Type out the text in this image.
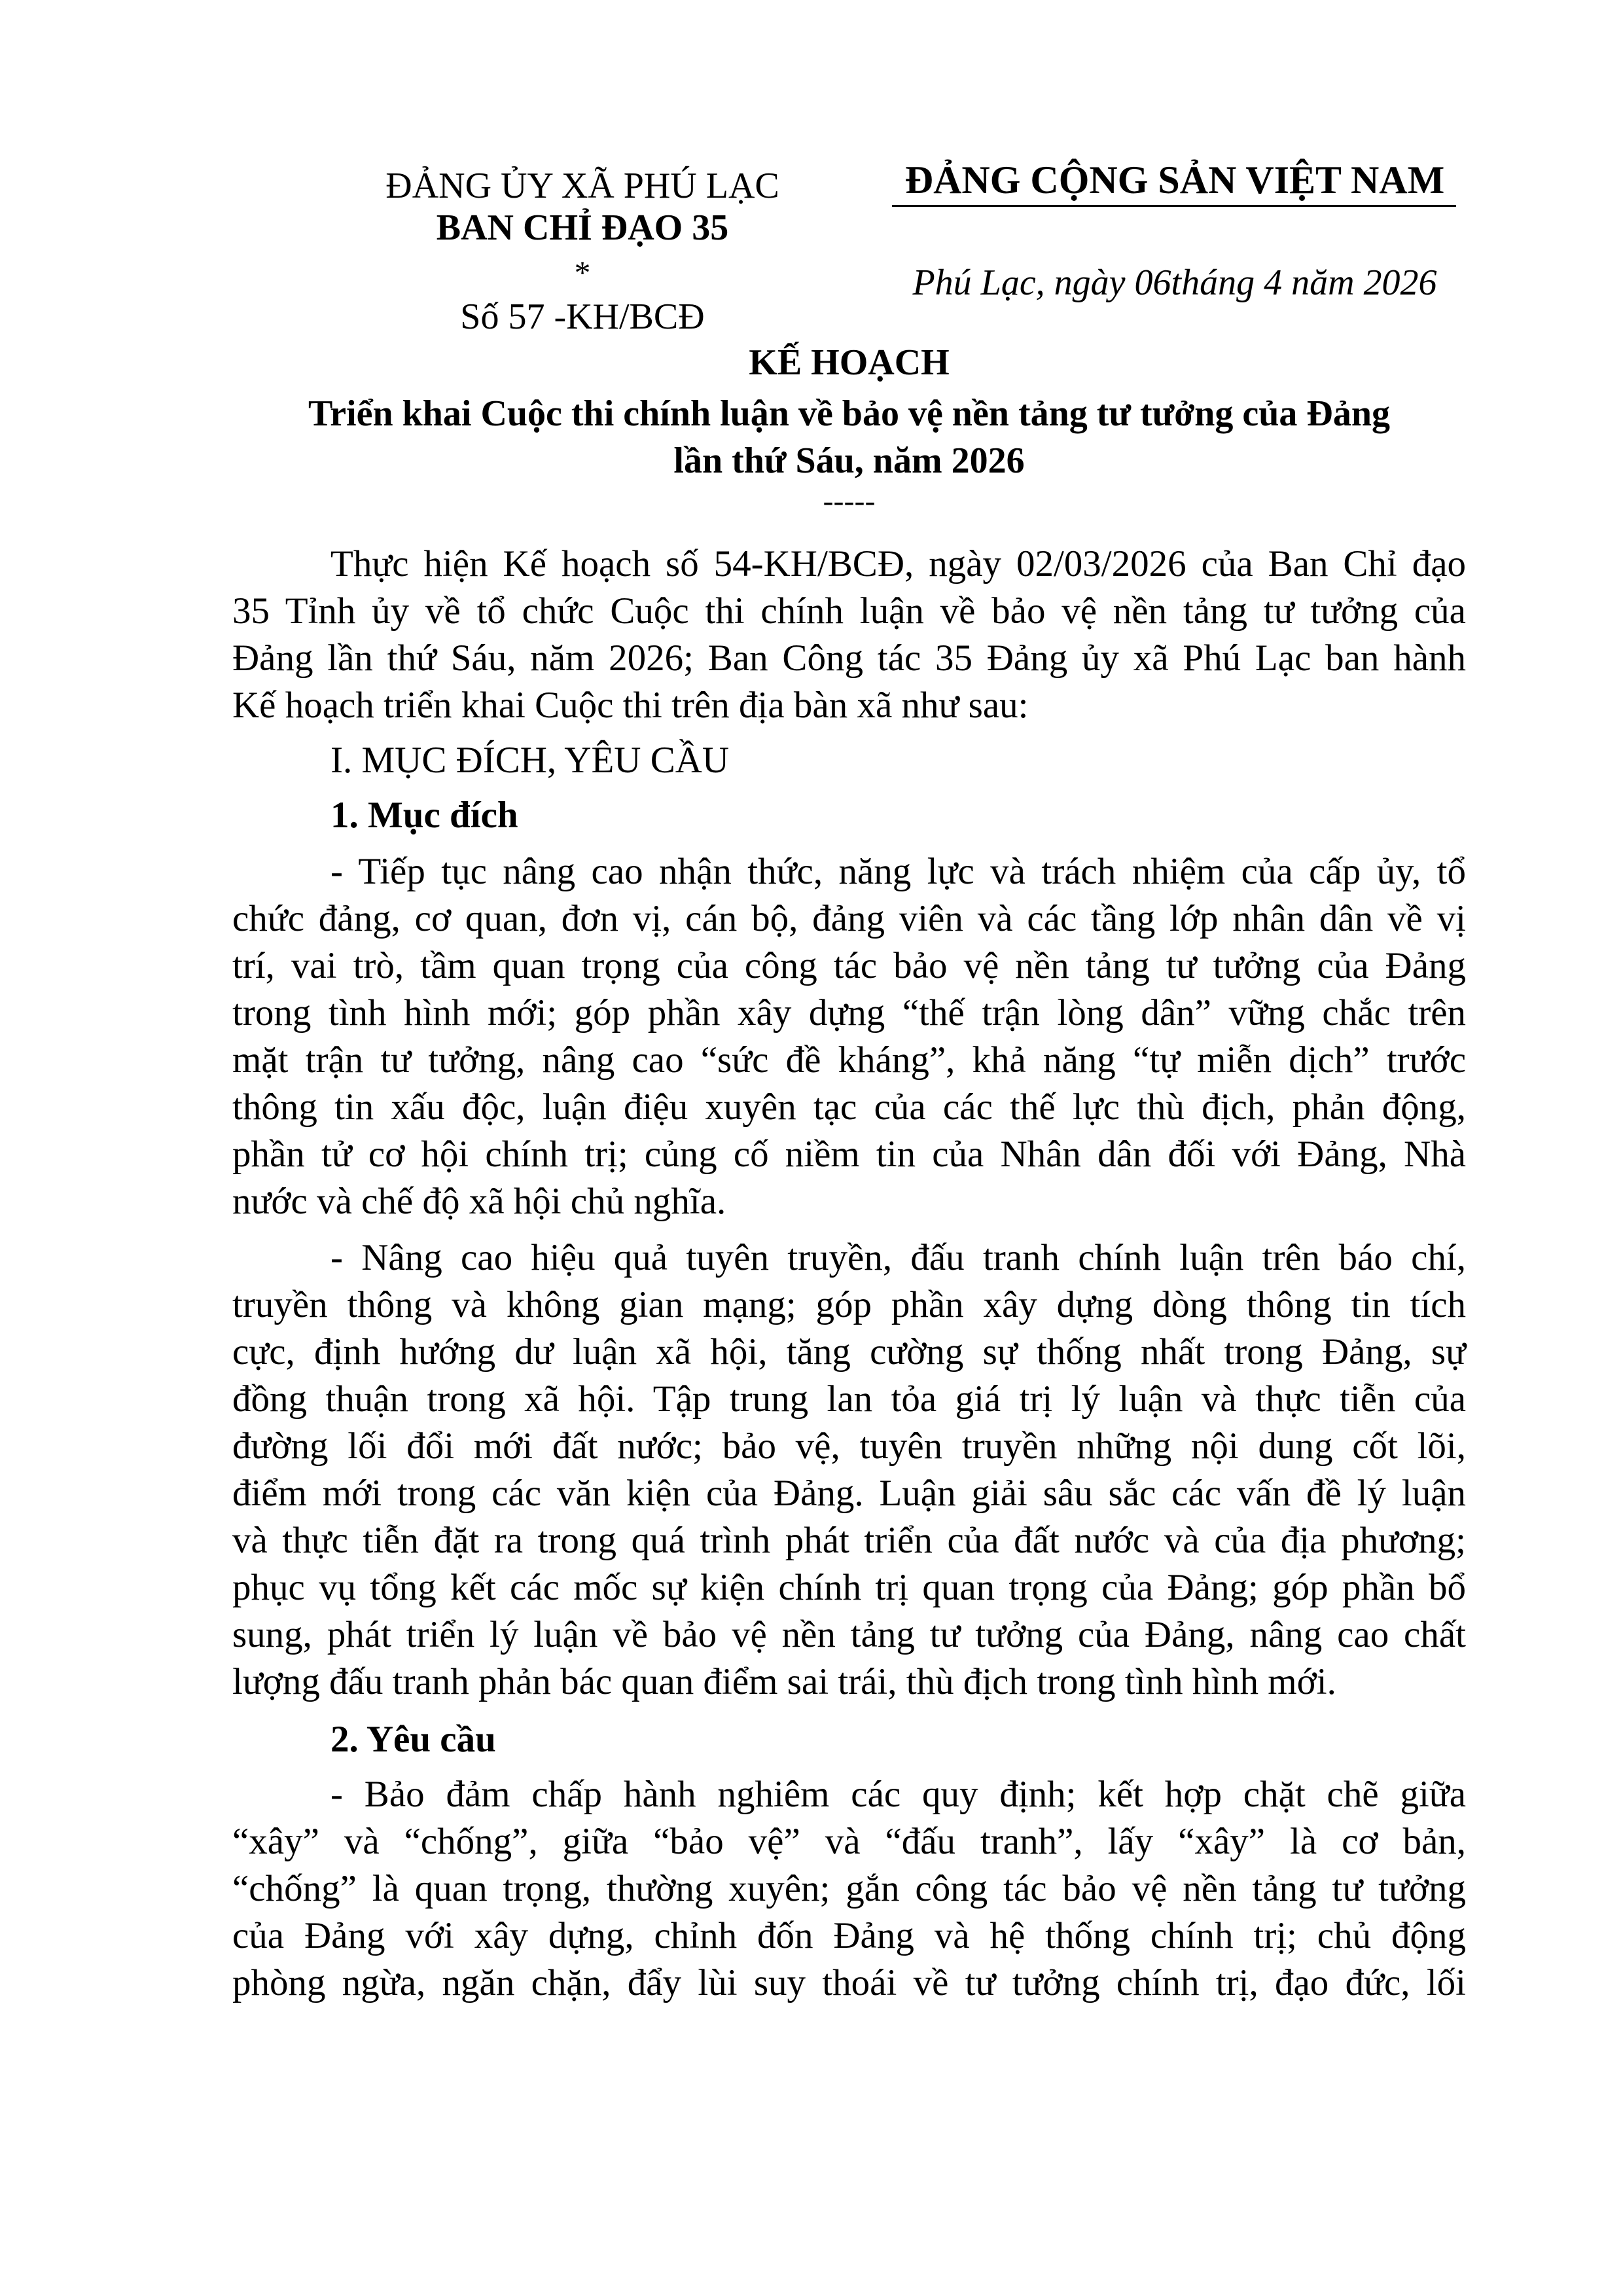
ĐẢNG ỦY XÃ PHÚ LẠC
BAN CHỈ ĐẠO 35
*
Số 57 -KH/BCĐ
ĐẢNG CỘNG SẢN VIỆT NAM
Phú Lạc, ngày 06tháng 4 năm 2026
KẾ HOẠCH
Triển khai Cuộc thi chính luận về bảo vệ nền tảng tư tưởng của Đảng
lần thứ Sáu, năm 2026
-----
Thực hiện Kế hoạch số 54-KH/BCĐ, ngày 02/03/2026 của Ban Chỉ đạo
35 Tỉnh ủy về tổ chức Cuộc thi chính luận về bảo vệ nền tảng tư tưởng của
Đảng lần thứ Sáu, năm 2026; Ban Công tác 35 Đảng ủy xã Phú Lạc ban hành
Kế hoạch triển khai Cuộc thi trên địa bàn xã như sau:
I. MỤC ĐÍCH, YÊU CẦU
1. Mục đích
- Tiếp tục nâng cao nhận thức, năng lực và trách nhiệm của cấp ủy, tổ
chức đảng, cơ quan, đơn vị, cán bộ, đảng viên và các tầng lớp nhân dân về vị
trí, vai trò, tầm quan trọng của công tác bảo vệ nền tảng tư tưởng của Đảng
trong tình hình mới; góp phần xây dựng “thế trận lòng dân” vững chắc trên
mặt trận tư tưởng, nâng cao “sức đề kháng”, khả năng “tự miễn dịch” trước
thông tin xấu độc, luận điệu xuyên tạc của các thế lực thù địch, phản động,
phần tử cơ hội chính trị; củng cố niềm tin của Nhân dân đối với Đảng, Nhà
nước và chế độ xã hội chủ nghĩa.
- Nâng cao hiệu quả tuyên truyền, đấu tranh chính luận trên báo chí,
truyền thông và không gian mạng; góp phần xây dựng dòng thông tin tích
cực, định hướng dư luận xã hội, tăng cường sự thống nhất trong Đảng, sự
đồng thuận trong xã hội. Tập trung lan tỏa giá trị lý luận và thực tiễn của
đường lối đổi mới đất nước; bảo vệ, tuyên truyền những nội dung cốt lõi,
điểm mới trong các văn kiện của Đảng. Luận giải sâu sắc các vấn đề lý luận
và thực tiễn đặt ra trong quá trình phát triển của đất nước và của địa phương;
phục vụ tổng kết các mốc sự kiện chính trị quan trọng của Đảng; góp phần bổ
sung, phát triển lý luận về bảo vệ nền tảng tư tưởng của Đảng, nâng cao chất
lượng đấu tranh phản bác quan điểm sai trái, thù địch trong tình hình mới.
2. Yêu cầu
- Bảo đảm chấp hành nghiêm các quy định; kết hợp chặt chẽ giữa
“xây” và “chống”, giữa “bảo vệ” và “đấu tranh”, lấy “xây” là cơ bản,
“chống” là quan trọng, thường xuyên; gắn công tác bảo vệ nền tảng tư tưởng
của Đảng với xây dựng, chỉnh đốn Đảng và hệ thống chính trị; chủ động
phòng ngừa, ngăn chặn, đẩy lùi suy thoái về tư tưởng chính trị, đạo đức, lối
